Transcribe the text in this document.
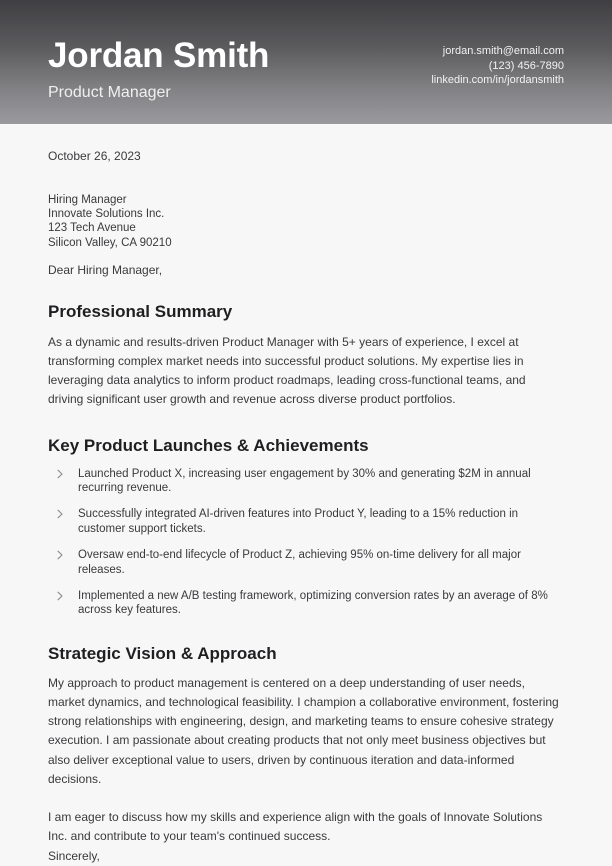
Jordan Smith
Product Manager
jordan.smith@email.com
(123) 456-7890
linkedin.com/in/jordansmith
October 26, 2023
Hiring Manager
Innovate Solutions Inc.
123 Tech Avenue
Silicon Valley, CA 90210
Dear Hiring Manager,
Professional Summary
As a dynamic and results-driven Product Manager with 5+ years of experience, I excel at transforming complex market needs into successful product solutions. My expertise lies in leveraging data analytics to inform product roadmaps, leading cross-functional teams, and driving significant user growth and revenue across diverse product portfolios.
Key Product Launches & Achievements
Launched Product X, increasing user engagement by 30% and generating $2M in annual recurring revenue.
Successfully integrated AI-driven features into Product Y, leading to a 15% reduction in customer support tickets.
Oversaw end-to-end lifecycle of Product Z, achieving 95% on-time delivery for all major releases.
Implemented a new A/B testing framework, optimizing conversion rates by an average of 8% across key features.
Strategic Vision & Approach
My approach to product management is centered on a deep understanding of user needs, market dynamics, and technological feasibility. I champion a collaborative environment, fostering strong relationships with engineering, design, and marketing teams to ensure cohesive strategy execution. I am passionate about creating products that not only meet business objectives but also deliver exceptional value to users, driven by continuous iteration and data-informed decisions.
I am eager to discuss how my skills and experience align with the goals of Innovate Solutions Inc. and contribute to your team's continued success.
Sincerely,
